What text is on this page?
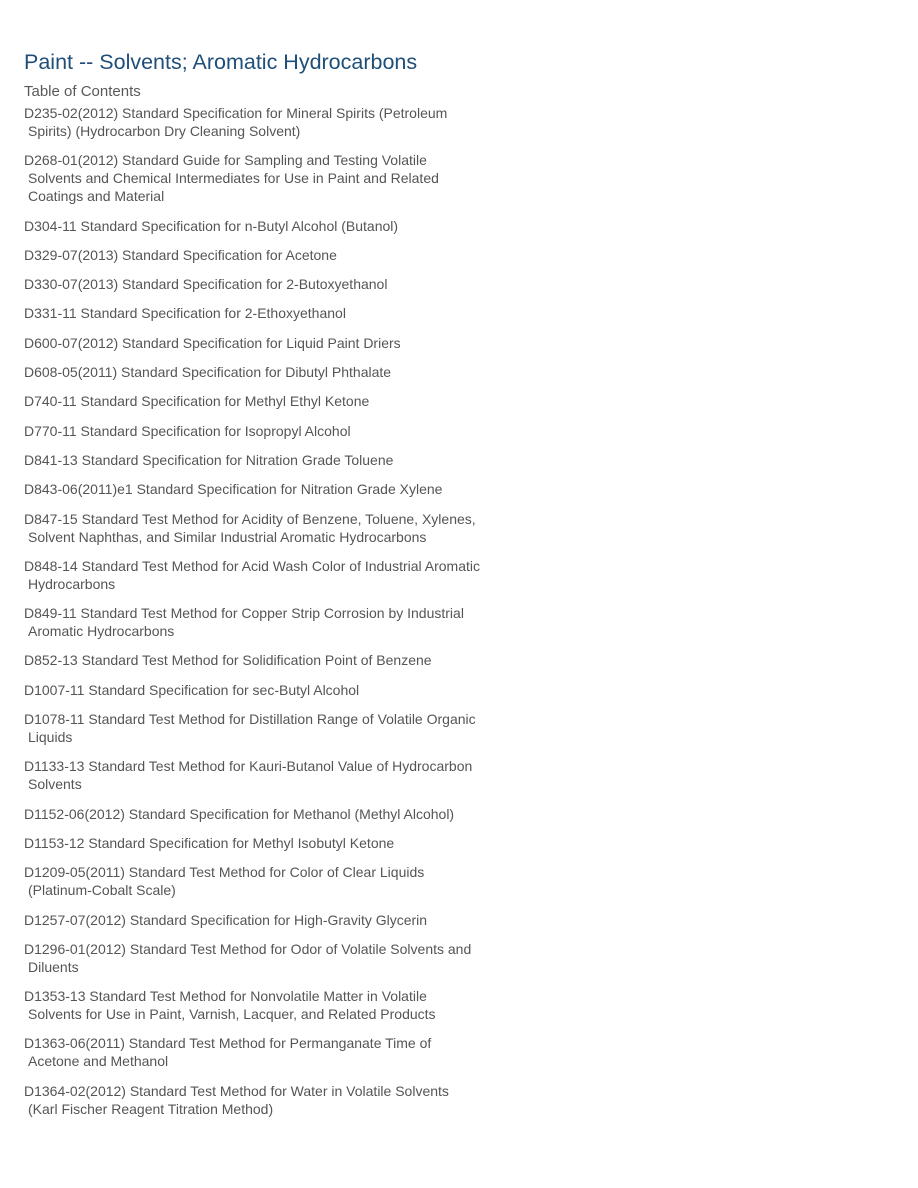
Paint -- Solvents; Aromatic Hydrocarbons
Table of Contents
D235-02(2012) Standard Specification for Mineral Spirits (Petroleum
Spirits) (Hydrocarbon Dry Cleaning Solvent)
D268-01(2012) Standard Guide for Sampling and Testing Volatile
Solvents and Chemical Intermediates for Use in Paint and Related
Coatings and Material
D304-11 Standard Specification for n-Butyl Alcohol (Butanol)
D329-07(2013) Standard Specification for Acetone
D330-07(2013) Standard Specification for 2-Butoxyethanol
D331-11 Standard Specification for 2-Ethoxyethanol
D600-07(2012) Standard Specification for Liquid Paint Driers
D608-05(2011) Standard Specification for Dibutyl Phthalate
D740-11 Standard Specification for Methyl Ethyl Ketone
D770-11 Standard Specification for Isopropyl Alcohol
D841-13 Standard Specification for Nitration Grade Toluene
D843-06(2011)e1 Standard Specification for Nitration Grade Xylene
D847-15 Standard Test Method for Acidity of Benzene, Toluene, Xylenes,
Solvent Naphthas, and Similar Industrial Aromatic Hydrocarbons
D848-14 Standard Test Method for Acid Wash Color of Industrial Aromatic
Hydrocarbons
D849-11 Standard Test Method for Copper Strip Corrosion by Industrial
Aromatic Hydrocarbons
D852-13 Standard Test Method for Solidification Point of Benzene
D1007-11 Standard Specification for sec-Butyl Alcohol
D1078-11 Standard Test Method for Distillation Range of Volatile Organic
Liquids
D1133-13 Standard Test Method for Kauri-Butanol Value of Hydrocarbon
Solvents
D1152-06(2012) Standard Specification for Methanol (Methyl Alcohol)
D1153-12 Standard Specification for Methyl Isobutyl Ketone
D1209-05(2011) Standard Test Method for Color of Clear Liquids
(Platinum-Cobalt Scale)
D1257-07(2012) Standard Specification for High-Gravity Glycerin
D1296-01(2012) Standard Test Method for Odor of Volatile Solvents and
Diluents
D1353-13 Standard Test Method for Nonvolatile Matter in Volatile
Solvents for Use in Paint, Varnish, Lacquer, and Related Products
D1363-06(2011) Standard Test Method for Permanganate Time of
Acetone and Methanol
D1364-02(2012) Standard Test Method for Water in Volatile Solvents
(Karl Fischer Reagent Titration Method)
